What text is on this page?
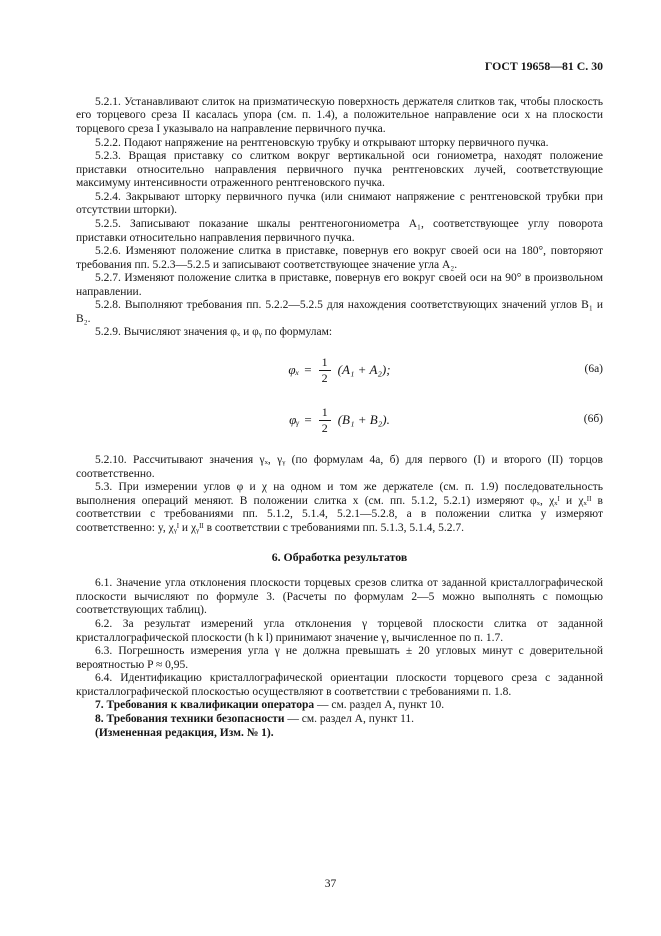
ГОСТ 19658—81 С. 30

5.2.1. Устанавливают слиток на призматическую поверхность держателя слитков так, чтобы плоскость его торцевого среза II касалась упора (см. п. 1.4), а положительное направление оси x на плоскости торцевого среза I указывало на направление первичного пучка.

5.2.2. Подают напряжение на рентгеновскую трубку и открывают шторку первичного пучка.

5.2.3. Вращая приставку со слитком вокруг вертикальной оси гониометра, находят положение приставки относительно направления первичного пучка рентгеновских лучей, соответствующие максимуму интенсивности отраженного рентгеновского пучка.

5.2.4. Закрывают шторку первичного пучка (или снимают напряжение с рентгеновской трубки при отсутствии шторки).

5.2.5. Записывают показание шкалы рентгеногониометра A₁, соответствующее углу поворота приставки относительно направления первичного пучка.

5.2.6. Изменяют положение слитка в приставке, повернув его вокруг своей оси на 180°, повторяют требования пп. 5.2.3—5.2.5 и записывают соответствующее значение угла A₂.

5.2.7. Изменяют положение слитка в приставке, повернув его вокруг своей оси на 90° в произвольном направлении.

5.2.8. Выполняют требования пп. 5.2.2—5.2.5 для нахождения соответствующих значений углов B₁ и B₂.

5.2.9. Вычисляют значения φₓ и φᵧ по формулам:

$\varphi_x = \frac{1}{2} (A_1 + A_2)$;	(6а)
φᵧ = $\frac{1}{2} (B_1 + B_2)$.	(6б)

5.2.10. Рассчитывают значения γₓ, γᵧ (по формулам 4а, б) для первого (I) и второго (II) торцов соответственно.

5.3. При измерении углов φ и χ на одном и том же держателе (см. п. 1.9) последовательность выполнения операций меняют. В положении слитка x (см. пп. 5.1.2, 5.2.1) измеряют φₓ, χₓᴵ и χₓᴵᴵ в соответствии с требованиями пп. 5.1.2, 5.1.4, 5.2.1—5.2.8, а в положении слитка y измеряют соответственно: y, χᵧᴵ и χᵧᴵᴵ в соответствии с требованиями пп. 5.1.3, 5.1.4, 5.2.7.

6. Обработка результатов

6.1. Значение угла отклонения плоскости торцевых срезов слитка от заданной кристаллографической плоскости вычисляют по формуле 3. (Расчеты по формулам 2—5 можно выполнять с помощью соответствующих таблиц).

6.2. За результат измерений угла отклонения γ торцевой плоскости слитка от заданной кристаллографической плоскости (h k l) принимают значение γ, вычисленное по п. 1.7.

6.3. Погрешность измерения угла γ не должна превышать ± 20 угловых минут с доверительной вероятностью P ≈ 0,95.

6.4. Идентификацию кристаллографической ориентации плоскости торцевого среза с заданной кристаллографической плоскостью осуществляют в соответствии с требованиями п. 1.8.

7. Требования к квалификации оператора — см. раздел А, пункт 10.

8. Требования техники безопасности — см. раздел А, пункт 11.

(Измененная редакция, Изм. № 1).

37
